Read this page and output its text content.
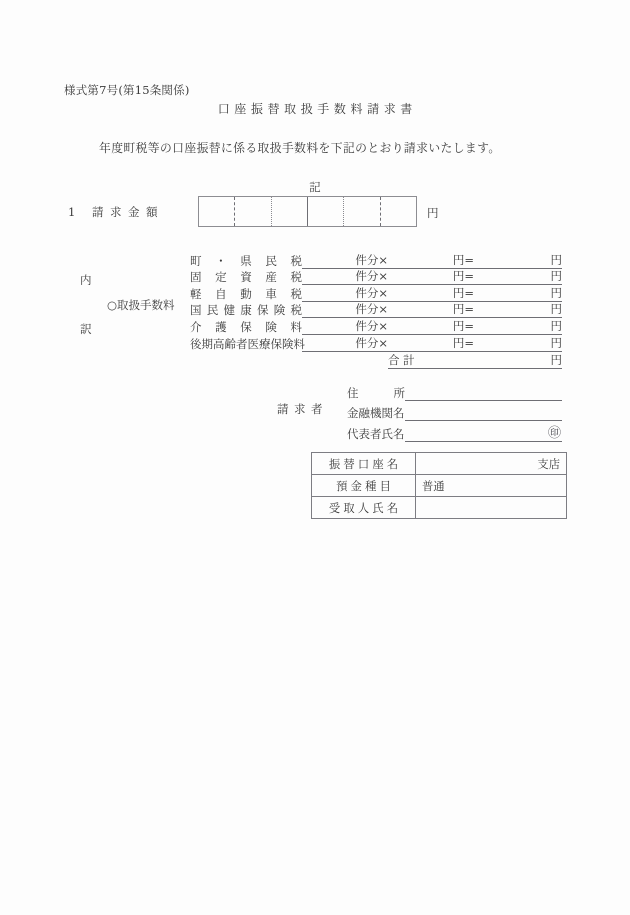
様式第7号(第15条関係)
口座振替取扱手数料請求書
年度町税等の口座振替に係る取扱手数料を下記のとおり請求いたします。
記
1 請求金額	円
内
訳
○取扱手数料
町 ・ 県 民 税	件分×	円=	円
固 定 資 産 税	件分×	円=	円
軽 自 動 車 税	件分×	円=	円
国 民 健 康 保 険 税	件分×	円=	円
介 護 保 険 料	件分×	円=	円
後期高齢者医療保険料	件分×	円=	円
合計	円
請求者
住	所
金融機関名
代表者氏名	㊞
振替口座名	支店
預金種目	普通
受取人氏名	
